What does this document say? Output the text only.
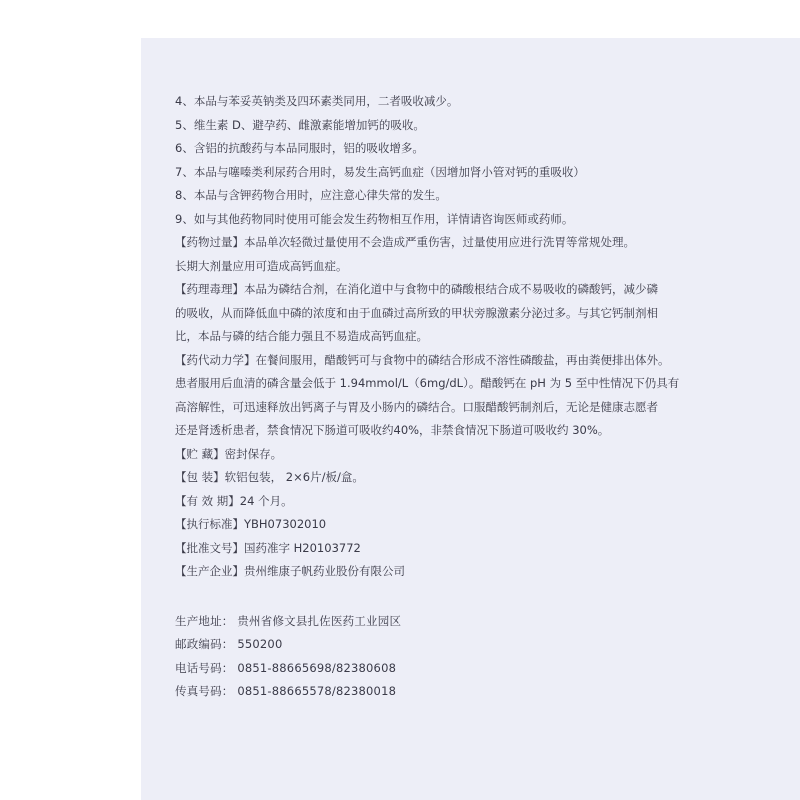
4、本品与苯妥英钠类及四环素类同用，二者吸收减少。
5、维生素 D、避孕药、雌激素能增加钙的吸收。
6、含铝的抗酸药与本品同服时，铝的吸收增多。
7、本品与噻嗪类利尿药合用时，易发生高钙血症（因增加肾小管对钙的重吸收）
8、本品与含钾药物合用时，应注意心律失常的发生。
9、如与其他药物同时使用可能会发生药物相互作用，详情请咨询医师或药师。
【药物过量】本品单次轻微过量使用不会造成严重伤害，过量使用应进行洗胃等常规处理。
长期大剂量应用可造成高钙血症。
【药理毒理】本品为磷结合剂，在消化道中与食物中的磷酸根结合成不易吸收的磷酸钙，减少磷
的吸收，从而降低血中磷的浓度和由于血磷过高所致的甲状旁腺激素分泌过多。与其它钙制剂相
比，本品与磷的结合能力强且不易造成高钙血症。
【药代动力学】在餐间服用，醋酸钙可与食物中的磷结合形成不溶性磷酸盐，再由粪便排出体外。
患者服用后血清的磷含量会低于 1.94mmol/L（6mg/dL）。醋酸钙在 pH 为 5 至中性情况下仍具有
高溶解性，可迅速释放出钙离子与胃及小肠内的磷结合。口服醋酸钙制剂后，无论是健康志愿者
还是肾透析患者，禁食情况下肠道可吸收约40%，非禁食情况下肠道可吸收约 30%。
【贮 藏】密封保存。
【包 装】软铝包装， 2×6片/板/盒。
【有 效 期】24 个月。
【执行标准】YBH07302010
【批准文号】国药准字 H20103772
【生产企业】贵州维康子帆药业股份有限公司
生产地址： 贵州省修文县扎佐医药工业园区
邮政编码： 550200
电话号码： 0851-88665698/82380608
传真号码： 0851-88665578/82380018
